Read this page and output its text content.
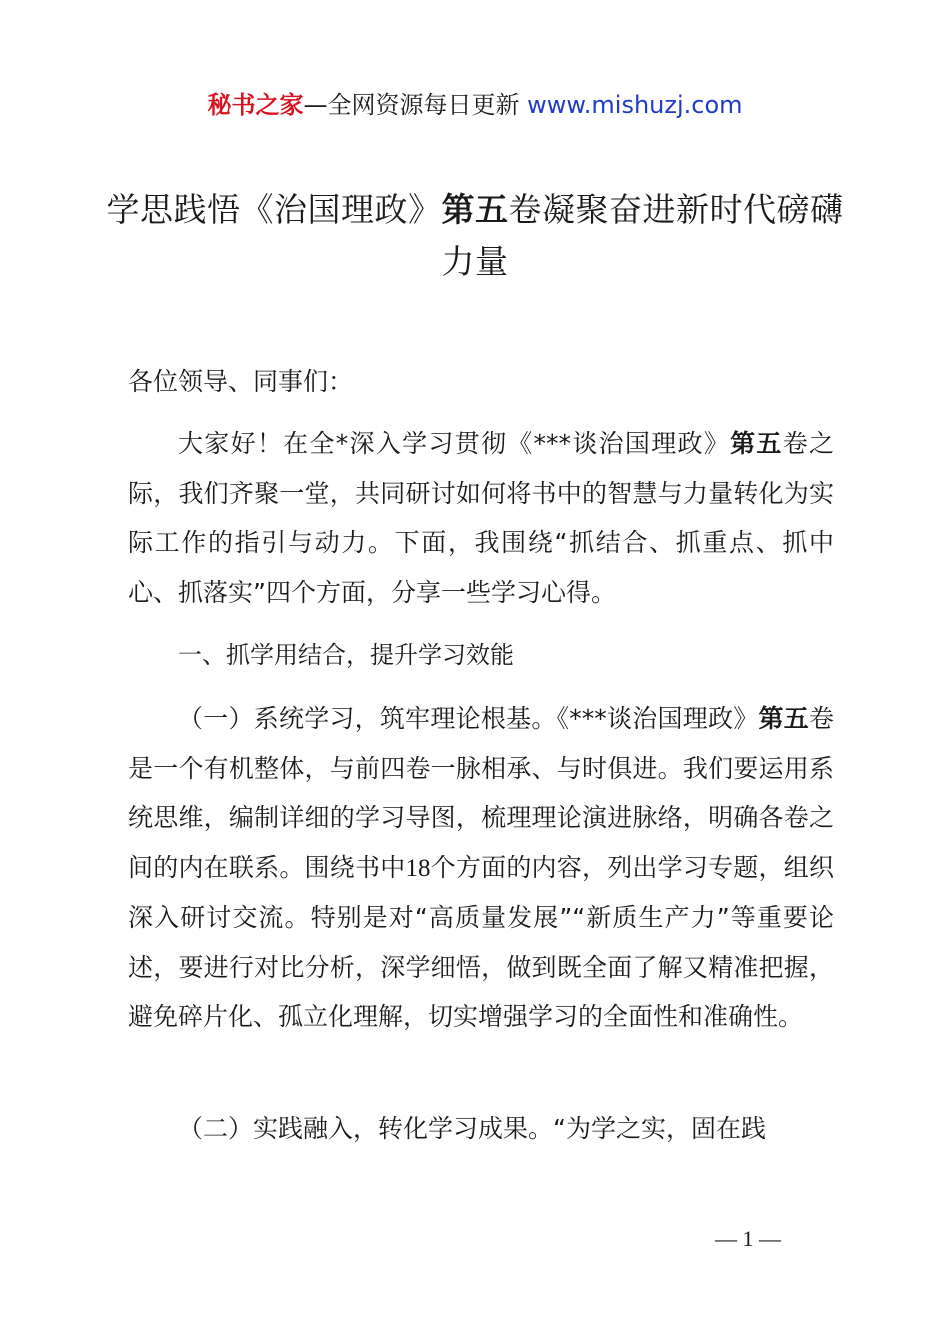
秘书之家—全网资源每日更新 www.mishuzj.com
学思践悟《治国理政》第五卷凝聚奋进新时代磅礴力量
各位领导、同事们：

大家好！在全*深入学习贯彻《***谈治国理政》第五卷之际，我们齐聚一堂，共同研讨如何将书中的智慧与力量转化为实际工作的指引与动力。下面，我围绕“抓结合、抓重点、抓中心、抓落实”四个方面，分享一些学习心得。

一、抓学用结合，提升学习效能

（一）系统学习，筑牢理论根基。《***谈治国理政》第五卷是一个有机整体，与前四卷一脉相承、与时俱进。我们要运用系统思维，编制详细的学习导图，梳理理论演进脉络，明确各卷之间的内在联系。围绕书中18个方面的内容，列出学习专题，组织深入研讨交流。特别是对“高质量发展”“新质生产力”等重要论述，要进行对比分析，深学细悟，做到既全面了解又精准把握，避免碎片化、孤立化理解，切实增强学习的全面性和准确性。

（二）实践融入，转化学习成果。“为学之实，固在践

— 1 —
